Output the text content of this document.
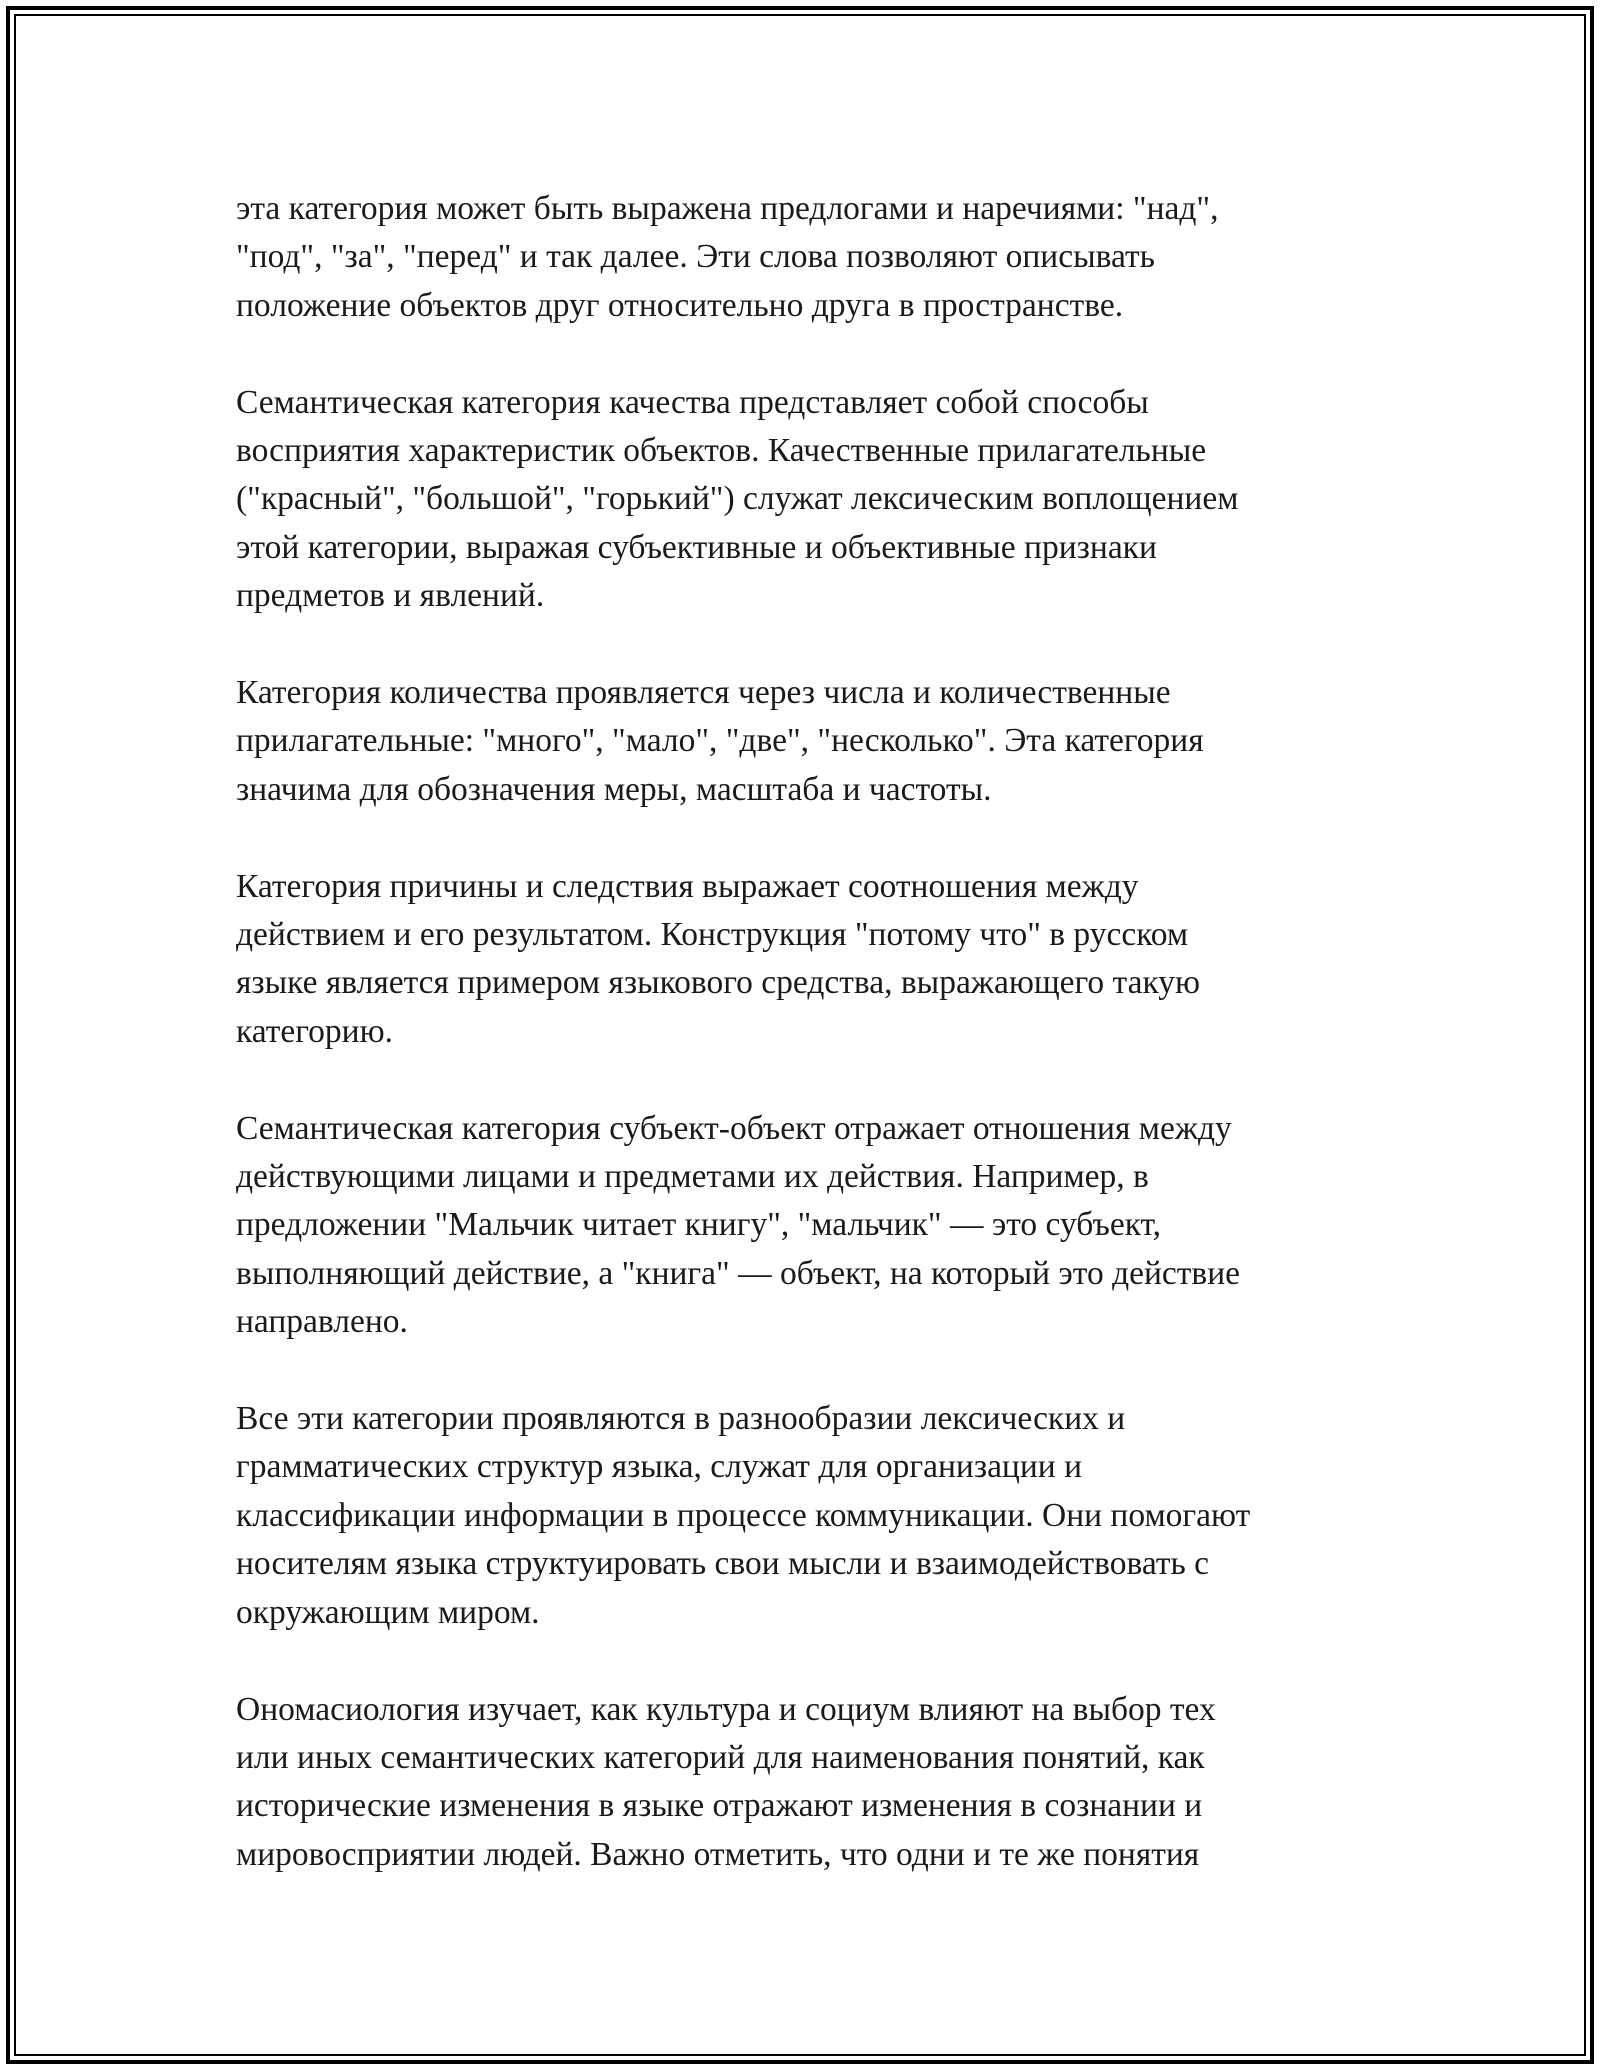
эта категория может быть выражена предлогами и наречиями: "над",
"под", "за", "перед" и так далее. Эти слова позволяют описывать
положение объектов друг относительно друга в пространстве.

Семантическая категория качества представляет собой способы
восприятия характеристик объектов. Качественные прилагательные
("красный", "большой", "горький") служат лексическим воплощением
этой категории, выражая субъективные и объективные признаки
предметов и явлений.

Категория количества проявляется через числа и количественные
прилагательные: "много", "мало", "две", "несколько". Эта категория
значима для обозначения меры, масштаба и частоты.

Категория причины и следствия выражает соотношения между
действием и его результатом. Конструкция "потому что" в русском
языке является примером языкового средства, выражающего такую
категорию.

Семантическая категория субъект-объект отражает отношения между
действующими лицами и предметами их действия. Например, в
предложении "Мальчик читает книгу", "мальчик" — это субъект,
выполняющий действие, а "книга" — объект, на который это действие
направлено.

Все эти категории проявляются в разнообразии лексических и
грамматических структур языка, служат для организации и
классификации информации в процессе коммуникации. Они помогают
носителям языка структуировать свои мысли и взаимодействовать с
окружающим миром.

Ономасиология изучает, как культура и социум влияют на выбор тех
или иных семантических категорий для наименования понятий, как
исторические изменения в языке отражают изменения в сознании и
мировосприятии людей. Важно отметить, что одни и те же понятия
